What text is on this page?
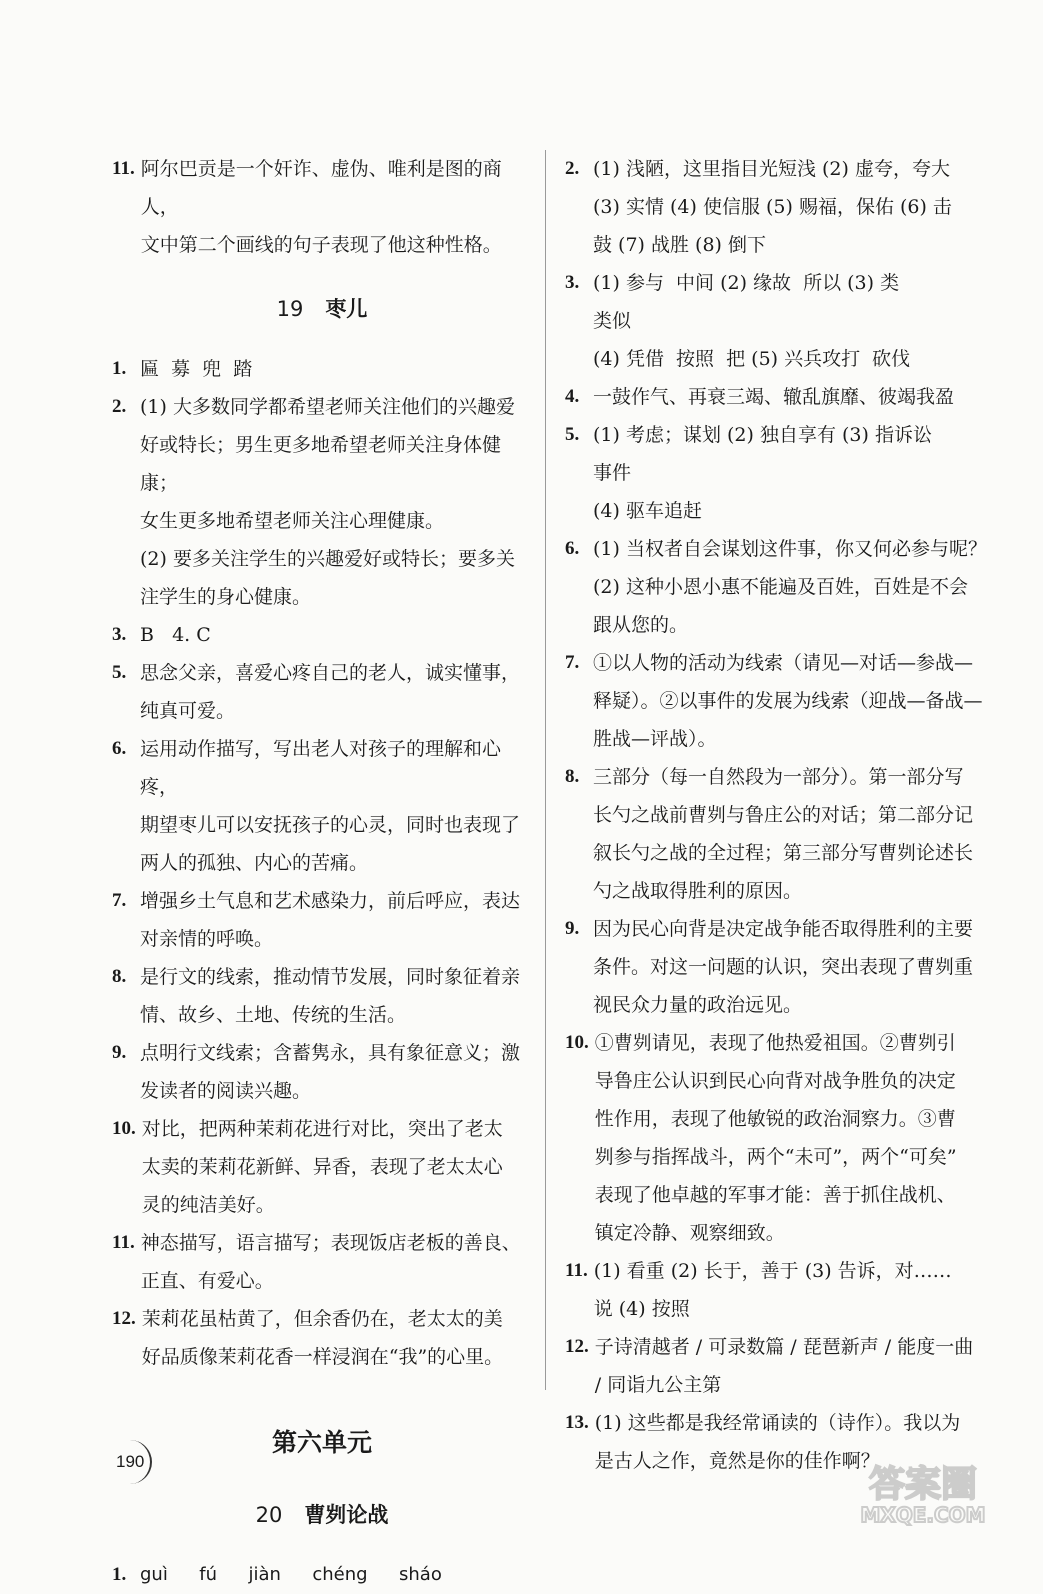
11. 阿尔巴贡是一个奸诈、虚伪、唯利是图的商人，
文中第二个画线的句子表现了他这种性格。
19 枣儿
1. 匾  募  兜  踏
2. (1) 大多数同学都希望老师关注他们的兴趣爱
好或特长；男生更多地希望老师关注身体健康；
女生更多地希望老师关注心理健康。
(2) 要多关注学生的兴趣爱好或特长；要多关
注学生的身心健康。
3. B   4. C
5. 思念父亲，喜爱心疼自己的老人，诚实懂事，
纯真可爱。
6. 运用动作描写，写出老人对孩子的理解和心疼，
期望枣儿可以安抚孩子的心灵，同时也表现了
两人的孤独、内心的苦痛。
7. 增强乡土气息和艺术感染力，前后呼应，表达
对亲情的呼唤。
8. 是行文的线索，推动情节发展，同时象征着亲
情、故乡、土地、传统的生活。
9. 点明行文线索；含蓄隽永，具有象征意义；激
发读者的阅读兴趣。
10. 对比，把两种茉莉花进行对比，突出了老太
太卖的茉莉花新鲜、异香，表现了老太太心
灵的纯洁美好。
11. 神态描写，语言描写；表现饭店老板的善良、
正直、有爱心。
12. 茉莉花虽枯黄了，但余香仍在，老太太的美
好品质像茉莉花香一样浸润在“我”的心里。
第六单元
20 曹刿论战
1. guì  fú  jiàn  chéng  sháo
2. (1) 浅陋，这里指目光短浅 (2) 虚夸，夸大
(3) 实情 (4) 使信服 (5) 赐福，保佑 (6) 击
鼓 (7) 战胜 (8) 倒下
3. (1) 参与  中间 (2) 缘故  所以 (3) 类
类似
(4) 凭借  按照  把 (5) 兴兵攻打  砍伐
4. 一鼓作气、再衰三竭、辙乱旗靡、彼竭我盈
5. (1) 考虑；谋划 (2) 独自享有 (3) 指诉讼
事件
(4) 驱车追赶
6. (1) 当权者自会谋划这件事，你又何必参与呢？
(2) 这种小恩小惠不能遍及百姓，百姓是不会
跟从您的。
7. ①以人物的活动为线索（请见—对话—参战—
释疑）。②以事件的发展为线索（迎战—备战—
胜战—评战）。
8. 三部分（每一自然段为一部分）。第一部分写
长勺之战前曹刿与鲁庄公的对话；第二部分记
叙长勺之战的全过程；第三部分写曹刿论述长
勺之战取得胜利的原因。
9. 因为民心向背是决定战争能否取得胜利的主要
条件。对这一问题的认识，突出表现了曹刿重
视民众力量的政治远见。
10. ①曹刿请见，表现了他热爱祖国。②曹刿引
导鲁庄公认识到民心向背对战争胜负的决定
性作用，表现了他敏锐的政治洞察力。③曹
刿参与指挥战斗，两个“未可”，两个“可矣”
表现了他卓越的军事才能：善于抓住战机、
镇定冷静、观察细致。
11. (1) 看重 (2) 长于，善于 (3) 告诉，对……
说 (4) 按照
12. 子诗清越者 / 可录数篇 / 琵琶新声 / 能度一曲
/ 同诣九公主第
13. (1) 这些都是我经常诵读的（诗作）。我以为
是古人之作，竟然是你的佳作啊？
190
答案圈
MXQE.COM
